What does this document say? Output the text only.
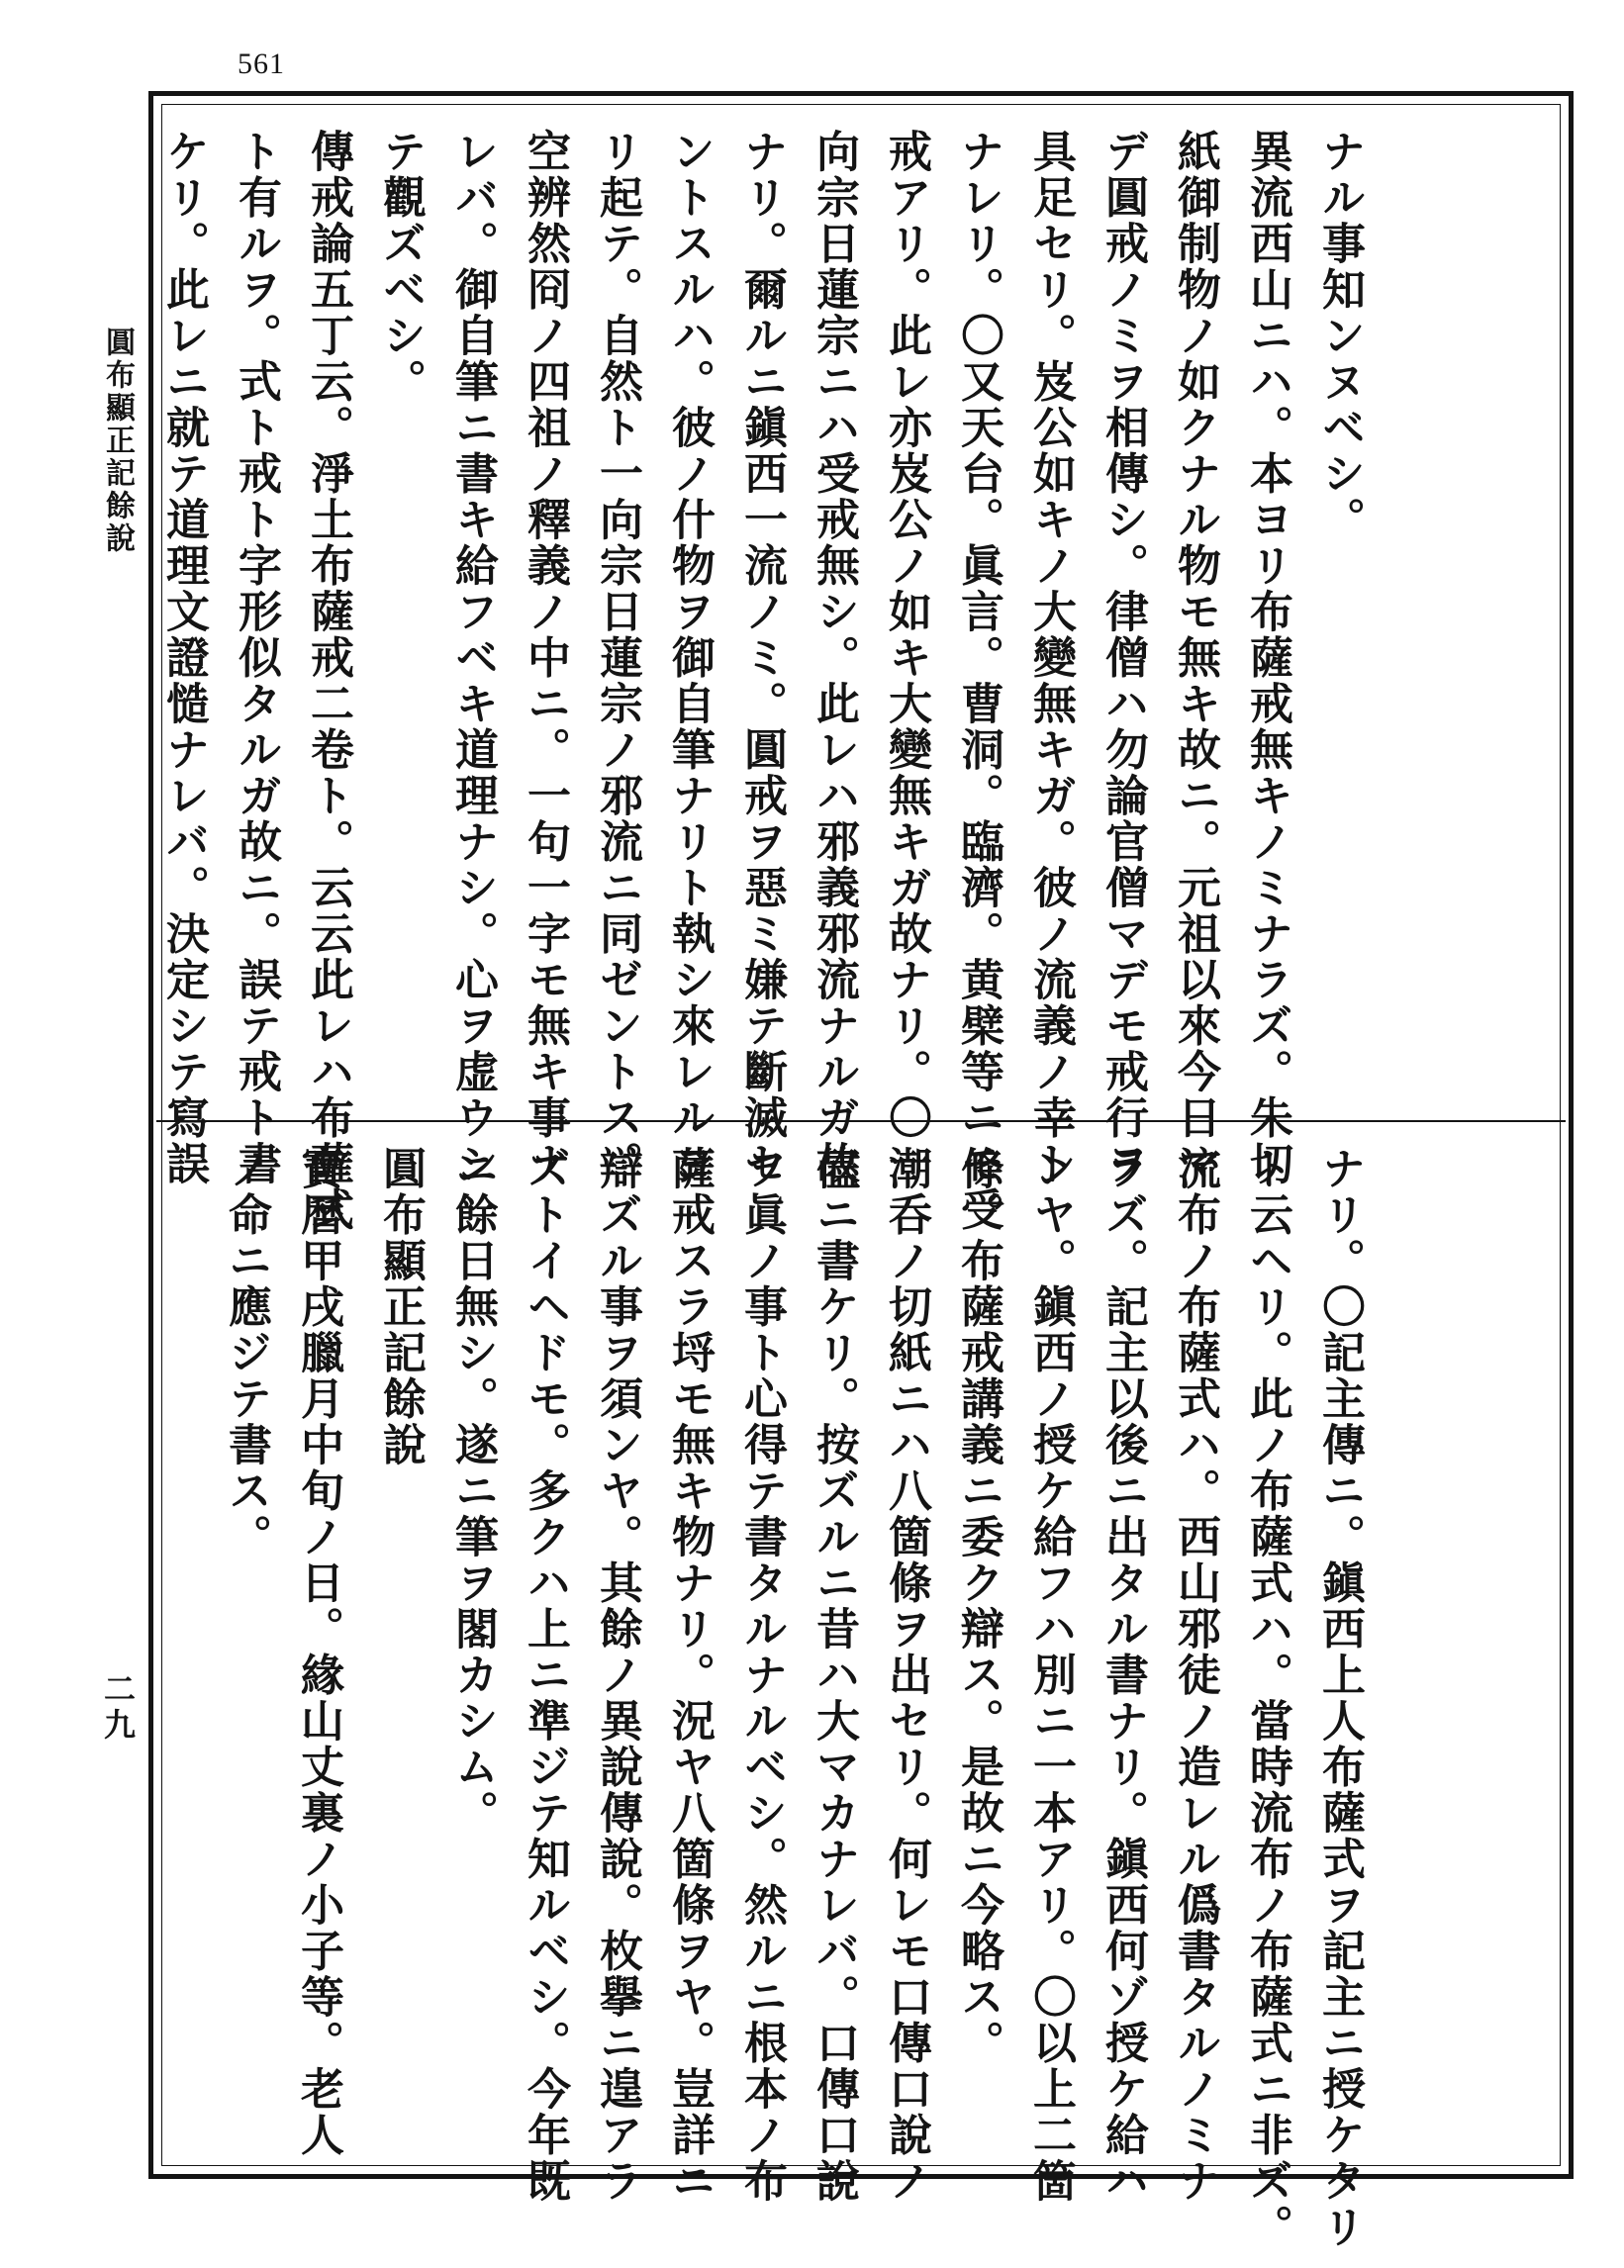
561
圓布顯正記餘說
二九
ナル事知ンヌベシ。
異流西山ニハ。本ヨリ布薩戒無キノミナラズ。朱切
紙御制物ノ如クナル物モ無キ故ニ。元祖以來今日マ
デ圓戒ノミヲ相傳シ。律僧ハ勿論官僧マデモ戒行ヲ
具足セリ。岌公如キノ大變無キガ。彼ノ流義ノ幸ト
ナレリ。〇又天台。眞言。曹洞。臨濟。黄檗等ニモ受
戒アリ。此レ亦岌公ノ如キ大變無キガ故ナリ。〇一
向宗日蓮宗ニハ受戒無シ。此レハ邪義邪流ナルガ故
ナリ。爾ルニ鎭西一流ノミ。圓戒ヲ惡ミ嫌テ斷滅セ
ントスルハ。彼ノ什物ヲ御自筆ナリト執シ來レルヨ
リ起テ。自然ト一向宗日蓮宗ノ邪流ニ同ゼントス。
空辨然冏ノ四祖ノ釋義ノ中ニ。一句一字モ無キ事ナ
レバ。御自筆ニ書キ給フベキ道理ナシ。心ヲ虚ウシ
テ觀ズベシ。
傳戒論五丁云。淨土布薩戒二卷ト。云云此レハ布薩式
ト有ルヲ。式ト戒ト字形似タルガ故ニ。誤テ戒ト書
ケリ。此レニ就テ道理文證慥ナレバ。決定シテ寫誤
ナリ。〇記主傳ニ。鎭西上人布薩式ヲ記主ニ授ケタリ
ト云ヘリ。此ノ布薩式ハ。當時流布ノ布薩式ニ非ズ。
流布ノ布薩式ハ。西山邪徒ノ造レル僞書タルノミナ
ラズ。記主以後ニ出タル書ナリ。鎭西何ゾ授ケ給ハ
ンヤ。鎭西ノ授ケ給フハ別ニ一本アリ。〇以上二箇
條。布薩戒講義ニ委ク辯ス。是故ニ今略ス。
潮呑ノ切紙ニハ八箇條ヲ出セリ。何レモ口傳口說ノ
儘ニ書ケリ。按ズルニ昔ハ大マカナレバ。口傳口說
ヲ眞ノ事ト心得テ書タルナルベシ。然ルニ根本ノ布
薩戒スラ埒モ無キ物ナリ。況ヤ八箇條ヲヤ。豈詳ニ
辯ズル事ヲ須ンヤ。其餘ノ異說傳說。枚擧ニ遑アラ
ズトイヘドモ。多クハ上ニ準ジテ知ルベシ。今年既
ニ餘日無シ。遂ニ筆ヲ閣カシム。
圓布顯正記餘說
寶曆甲戌臘月中旬ノ日。緣山丈裏ノ小子等。老人
ノ命ニ應ジテ書ス。
